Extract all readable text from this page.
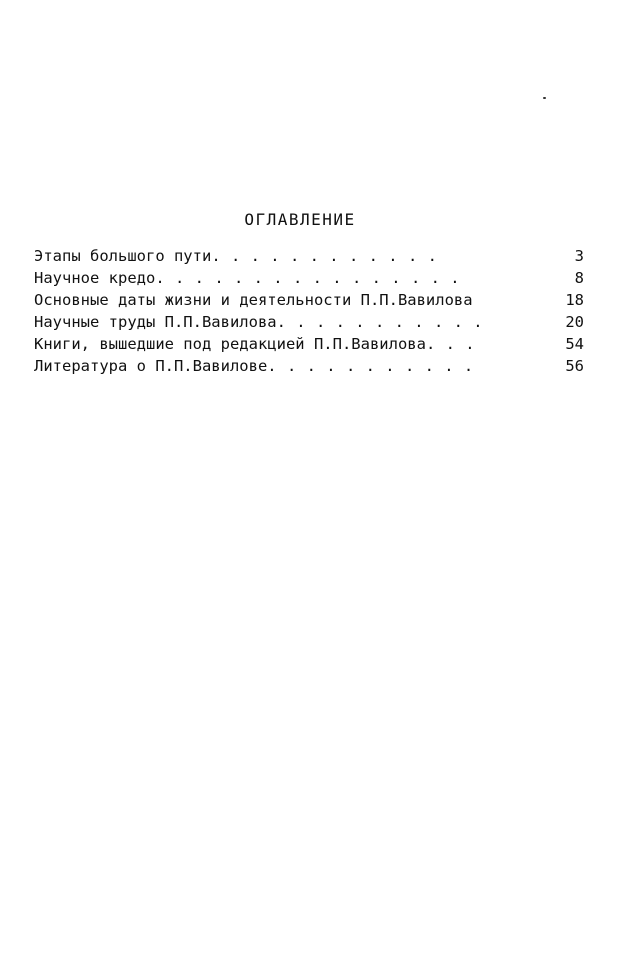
ОГЛАВЛЕНИЕ
Этапы большого пути . . . . . . . . . . . .	3
Научное кредо . . . . . . . . . . . . . . . .	8
Основные даты жизни и деятельности П.П.Вавилова	18
Научные труды П.П.Вавилова . . . . . . . . . . .	20
Книги, вышедшие под редакцией П.П.Вавилова . . .	54
Литература о П.П.Вавилове . . . . . . . . . . .	56
